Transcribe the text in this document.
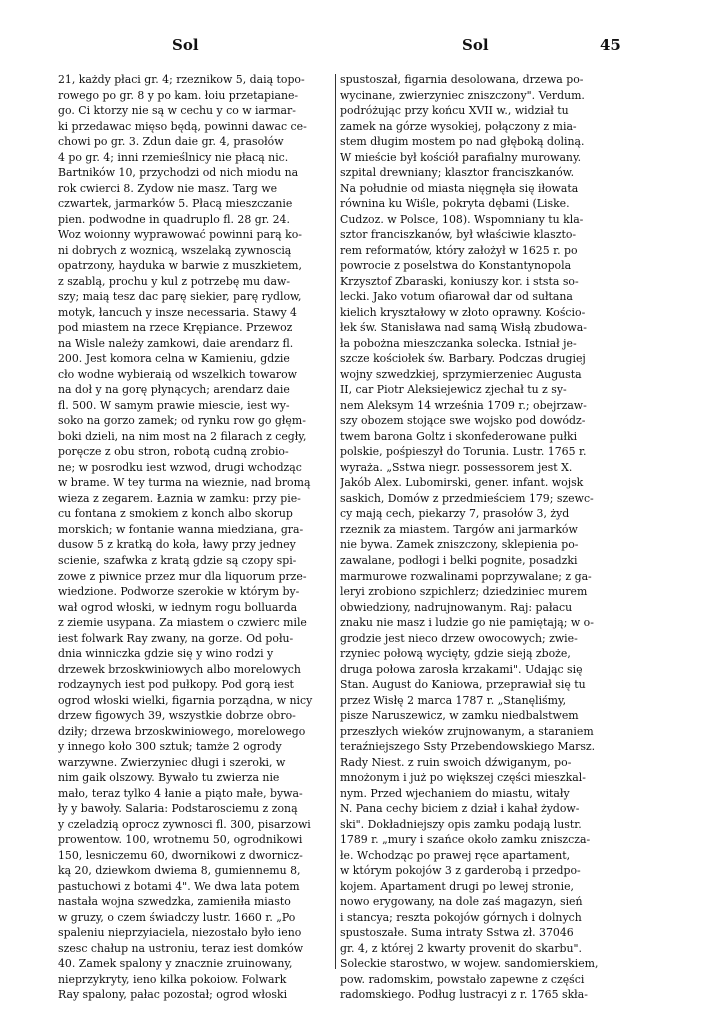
Sol	Sol	45
21, każdy płaci gr. 4; rzeznikow 5, daią topo-
rowego po gr. 8 y po kam. łoiu przetapiane-
go. Ci ktorzy nie są w cechu y co w iarmar-
ki przedawac mięso będą, powinni dawac ce-
chowi po gr. 3. Zdun daie gr. 4, prasołów
4 po gr. 4; inni rzemieślnicy nie płacą nic.
Bartników 10, przychodzi od nich miodu na
rok cwierci 8. Zydow nie masz. Targ we
czwartek, jarmarków 5. Płacą mieszczanie
pien. podwodne in quadruplo fl. 28 gr. 24.
Woz woionny wyprawować powinni parą ko-
ni dobrych z woznicą, wszelaką zywnoscią
opatrzony, hayduka w barwie z muszkietem,
z szablą, prochu y kul z potrzebę mu daw-
szy; maią tesz dac parę siekier, parę rydlow,
motyk, łancuch y insze necessaria. Stawy 4
pod miastem na rzece Krępiance. Przewoz
na Wisle należy zamkowi, daie arendarz fl.
200. Jest komora celna w Kamieniu, gdzie
cło wodne wybieraią od wszelkich towarow
na doł y na gorę płynących; arendarz daie
fl. 500. W samym prawie miescie, iest wy-
soko na gorzo zamek; od rynku row go głęm-
boki dzieli, na nim most na 2 filarach z cegły,
poręcze z obu stron, robotą cudną zrobio-
ne; w posrodku iest wzwod, drugi wchodząc
w brame. W tey turma na wieznie, nad bromą
wieza z zegarem. Łaznia w zamku: przy pie-
cu fontana z smokiem z konch albo skorup
morskich; w fontanie wanna miedziana, gra-
dusow 5 z kratką do koła, ławy przy jedney
scienie, szafwka z kratą gdzie są czopy spi-
zowe z piwnice przez mur dla liquorum prze-
wiedzione. Podworze szerokie w którym by-
wał ogrod włoski, w iednym rogu bolluarda
z ziemie usypana. Za miastem o czwierc mile
iest folwark Ray zwany, na gorze. Od połu-
dnia winniczka gdzie się y wino rodzi y
drzewek brzoskwiniowych albo morelowych
rodzaynych iest pod pułkopy. Pod gorą iest
ogrod włoski wielki, figarnia porządna, w nicy
drzew figowych 39, wszystkie dobrze obro-
dziły; drzewa brzoskwiniowego, morelowego
y innego koło 300 sztuk; tamże 2 ogrody
warzywne. Zwierzyniec długi i szeroki, w
nim gaik olszowy. Bywało tu zwierza nie
mało, teraz tylko 4 łanie a piąto małe, bywa-
ły y bawoły. Salaria: Podstarosciemu z zoną
y czeladzią oprocz zywnosci fl. 300, pisarzowi
prowentow. 100, wrotnemu 50, ogrodnikowi
150, lesniczemu 60, dwornikowi z dwornicz-
ką 20, dziewkom dwiema 8, gumiennemu 8,
pastuchowi z botami 4". We dwa lata potem
nastała wojna szwedzka, zamieniła miasto
w gruzy, o czem świadczy lustr. 1660 r. „Po
spaleniu nieprzyiaciela, niezostało było ieno
szesc chałup na ustroniu, teraz iest domków
40. Zamek spalony y znacznie zruinowany,
nieprzykryty, ieno kilka pokoiow. Folwark
Ray spalony, pałac pozostał; ogrod włoski
spustoszał, figarnia desolowana, drzewa po-
wycinane, zwierzyniec zniszczony". Verdum.
podróżując przy końcu XVII w., widział tu
zamek na górze wysokiej, połączony z mia-
stem długim mostem po nad głęboką doliną.
W mieście był kościół parafialny murowany.
szpital drewniany; klasztor franciszkanów.
Na południe od miasta nięgnęła się iłowata
równina ku Wiśle, pokryta dębami (Liske.
Cudzoz. w Polsce, 108). Wspomniany tu kla-
sztor franciszkanów, był właściwie klaszto-
rem reformatów, który założył w 1625 r. po
powrocie z poselstwa do Konstantynopola
Krzysztof Zbaraski, koniuszy kor. i ststa so-
lecki. Jako votum ofiarował dar od sułtana
kielich kryształowy w złoto oprawny. Kościo-
łek św. Stanisława nad samą Wisłą zbudowa-
ła pobożna mieszczanka solecka. Istniał je-
szcze kościołek św. Barbary. Podczas drugiej
wojny szwedzkiej, sprzymierzeniec Augusta
II, car Piotr Aleksiejewicz zjechał tu z sy-
nem Aleksym 14 września 1709 r.; obejrzaw-
szy obozem stojące swe wojsko pod dowódz-
twem barona Goltz i skonfederowane pułki
polskie, pośpieszył do Torunia. Lustr. 1765 r.
wyraża. „Sstwa niegr. possessorem jest X.
Jakób Alex. Lubomirski, gener. infant. wojsk
saskich, Domów z przedmieściem 179; szewc-
cy mają cech, piekarzy 7, prasołów 3, żyd
rzeznik za miastem. Targów ani jarmarków
nie bywa. Zamek zniszczony, sklepienia po-
zawalane, podłogi i belki pognite, posadzki
marmurowe rozwalinami poprzywalane; z ga-
leryi zrobiono szpichlerz; dziedziniec murem
obwiedziony, nadrujnowanym. Raj: pałacu
znaku nie masz i ludzie go nie pamiętają; w o-
grodzie jest nieco drzew owocowych; zwie-
rzyniec połową wycięty, gdzie sieją zboże,
druga połowa zarosła krzakami". Udając się
Stan. August do Kaniowa, przeprawiał się tu
przez Wisłę 2 marca 1787 r. „Stanęliśmy,
pisze Naruszewicz, w zamku niedbalstwem
przeszłych wieków zrujnowanym, a staraniem
teraźniejszego Ssty Przebendowskiego Marsz.
Rady Niest. z ruin swoich dźwiganym, po-
mnożonym i już po większej części mieszkal-
nym. Przed wjechaniem do miastu, witały
N. Pana cechy biciem z dział i kahał żydow-
ski". Dokładniejszy opis zamku podają lustr.
1789 r. „mury i szańce około zamku zniszcza-
łe. Wchodząc po prawej ręce apartament,
w którym pokojów 3 z garderobą i przedpo-
kojem. Apartament drugi po lewej stronie,
nowo erygowany, na dole zaś magazyn, sień
i stancya; reszta pokojów górnych i dolnych
spustoszałe. Suma intraty Sstwa zł. 37046
gr. 4, z której 2 kwarty provenit do skarbu".
Soleckie starostwo, w wojew. sandomierskiem,
pow. radomskim, powstało zapewne z części
radomskiego. Podług lustracyi z r. 1765 skła-
